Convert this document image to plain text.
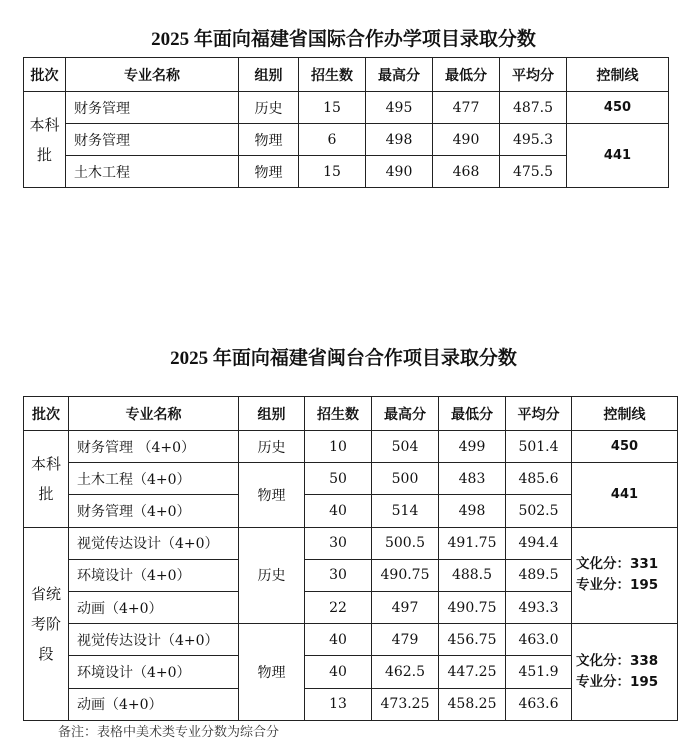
2025 年面向福建省国际合作办学项目录取分数
批次	专业名称	组别	招生数	最高分	最低分	平均分	控制线
本科批	财务管理	历史	15	495	477	487.5	450
	财务管理	物理	6	498	490	495.3	441
	土木工程	物理	15	490	468	475.5	
2025 年面向福建省闽台合作项目录取分数
批次	专业名称	组别	招生数	最高分	最低分	平均分	控制线
本科批	财务管理 （4+0）	历史	10	504	499	501.4	450
	土木工程（4+0）	物理	50	500	483	485.6	441
	财务管理（4+0）		40	514	498	502.5	
省统考阶段	视觉传达设计（4+0）	历史	30	500.5	491.75	494.4	文化分：331
专业分：195

	环境设计（4+0）		30	490.75	488.5	489.5	
	动画（4+0）		22	497	490.75	493.3	
	视觉传达设计（4+0）	物理	40	479	456.75	463.0	文化分：338
专业分：195

	环境设计（4+0）		40	462.5	447.25	451.9	
	动画（4+0）		13	473.25	458.25	463.6	
备注：表格中美术类专业分数为综合分
